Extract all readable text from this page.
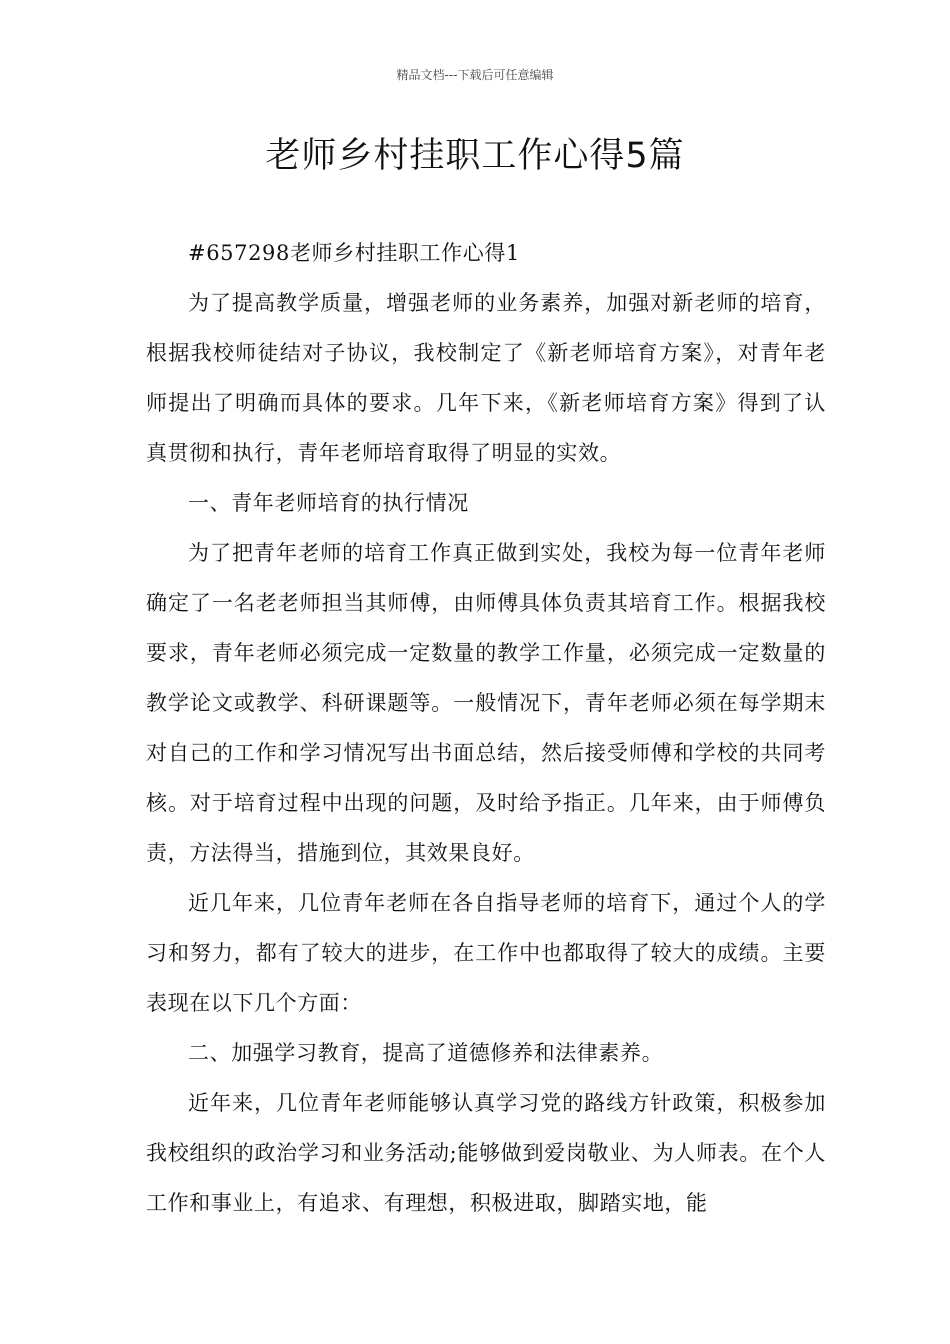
精品文档---下载后可任意编辑
老师乡村挂职工作心得5篇

#657298老师乡村挂职工作心得1

为了提高教学质量，增强老师的业务素养，加强对新老师的培育，根据我校师徒结对子协议，我校制定了《新老师培育方案》，对青年老师提出了明确而具体的要求。几年下来，《新老师培育方案》得到了认真贯彻和执行，青年老师培育取得了明显的实效。

一、青年老师培育的执行情况

为了把青年老师的培育工作真正做到实处，我校为每一位青年老师确定了一名老老师担当其师傅，由师傅具体负责其培育工作。根据我校要求，青年老师必须完成一定数量的教学工作量，必须完成一定数量的教学论文或教学、科研课题等。一般情况下，青年老师必须在每学期末对自己的工作和学习情况写出书面总结，然后接受师傅和学校的共同考核。对于培育过程中出现的问题，及时给予指正。几年来，由于师傅负责，方法得当，措施到位，其效果良好。

近几年来，几位青年老师在各自指导老师的培育下，通过个人的学习和努力，都有了较大的进步，在工作中也都取得了较大的成绩。主要表现在以下几个方面：

二、加强学习教育，提高了道德修养和法律素养。

近年来，几位青年老师能够认真学习党的路线方针政策，积极参加我校组织的政治学习和业务活动;能够做到爱岗敬业、为人师表。在个人工作和事业上，有追求、有理想，积极进取，脚踏实地，能
